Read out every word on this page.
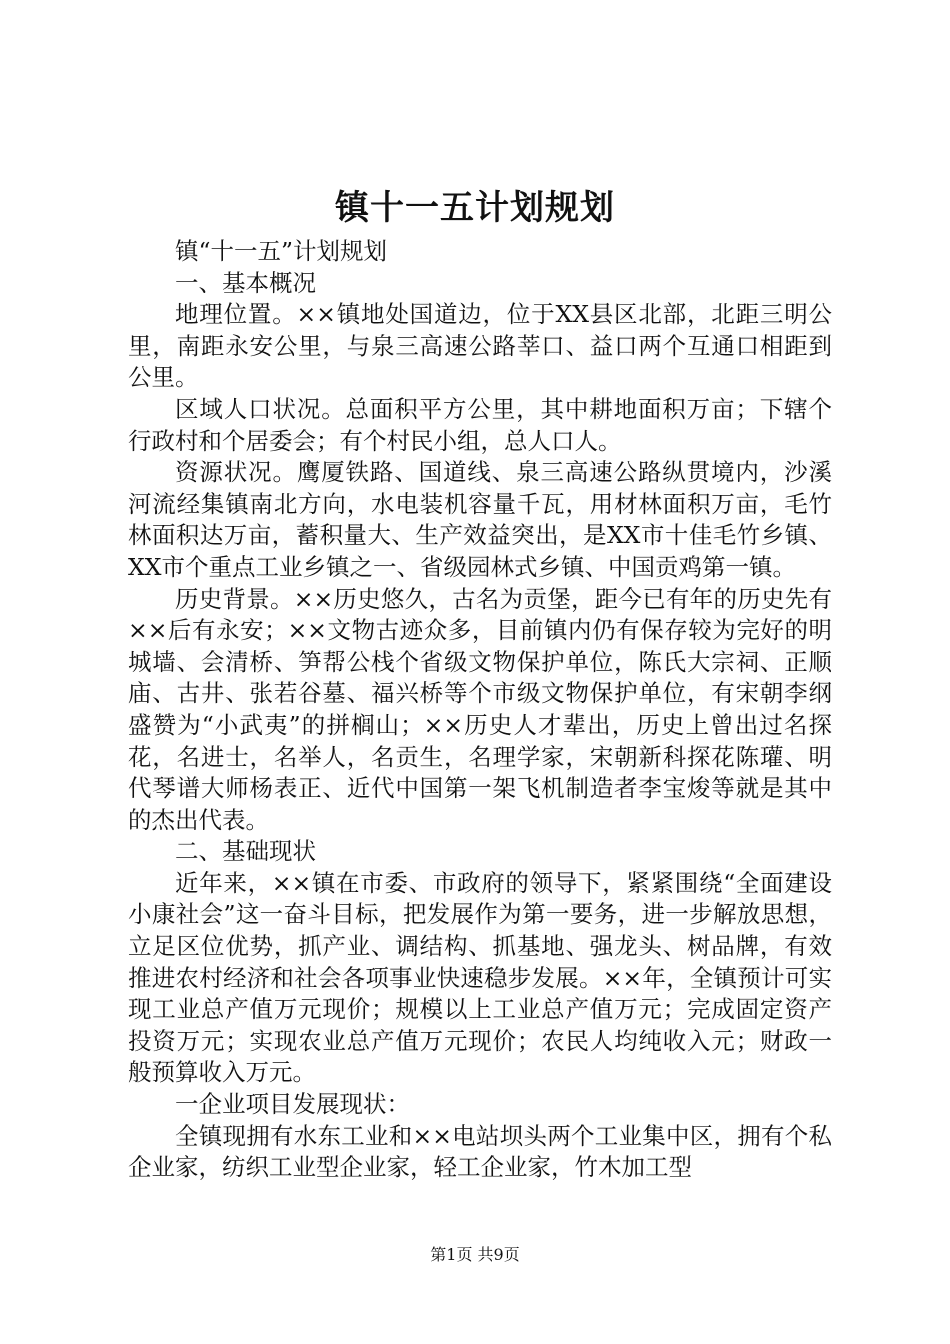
镇十一五计划规划

镇“十一五”计划规划

一、基本概况

地理位置。××镇地处国道边，位于XX县区北部，北距三明公里，南距永安公里，与泉三高速公路莘口、益口两个互通口相距到公里。

区域人口状况。总面积平方公里，其中耕地面积万亩；下辖个行政村和个居委会；有个村民小组，总人口人。

资源状况。鹰厦铁路、国道线、泉三高速公路纵贯境内，沙溪河流经集镇南北方向，水电装机容量千瓦，用材林面积万亩，毛竹林面积达万亩，蓄积量大、生产效益突出，是XX市十佳毛竹乡镇、XX市个重点工业乡镇之一、省级园林式乡镇、中国贡鸡第一镇。

历史背景。××历史悠久，古名为贡堡，距今已有年的历史先有××后有永安；××文物古迹众多，目前镇内仍有保存较为完好的明城墙、会清桥、笋帮公栈个省级文物保护单位，陈氏大宗祠、正顺庙、古井、张若谷墓、福兴桥等个市级文物保护单位，有宋朝李纲盛赞为“小武夷”的拼榈山；××历史人才辈出，历史上曾出过名探花，名进士，名举人，名贡生，名理学家，宋朝新科探花陈瓘、明代琴谱大师杨表正、近代中国第一架飞机制造者李宝焌等就是其中的杰出代表。

二、基础现状

近年来，××镇在市委、市政府的领导下，紧紧围绕“全面建设小康社会”这一奋斗目标，把发展作为第一要务，进一步解放思想，立足区位优势，抓产业、调结构、抓基地、强龙头、树品牌，有效推进农村经济和社会各项事业快速稳步发展。××年，全镇预计可实现工业总产值万元现价；规模以上工业总产值万元；完成固定资产投资万元；实现农业总产值万元现价；农民人均纯收入元；财政一般预算收入万元。

一企业项目发展现状：

全镇现拥有水东工业和××电站坝头两个工业集中区，拥有个私企业家，纺织工业型企业家，轻工企业家，竹木加工型

第1页 共9页
